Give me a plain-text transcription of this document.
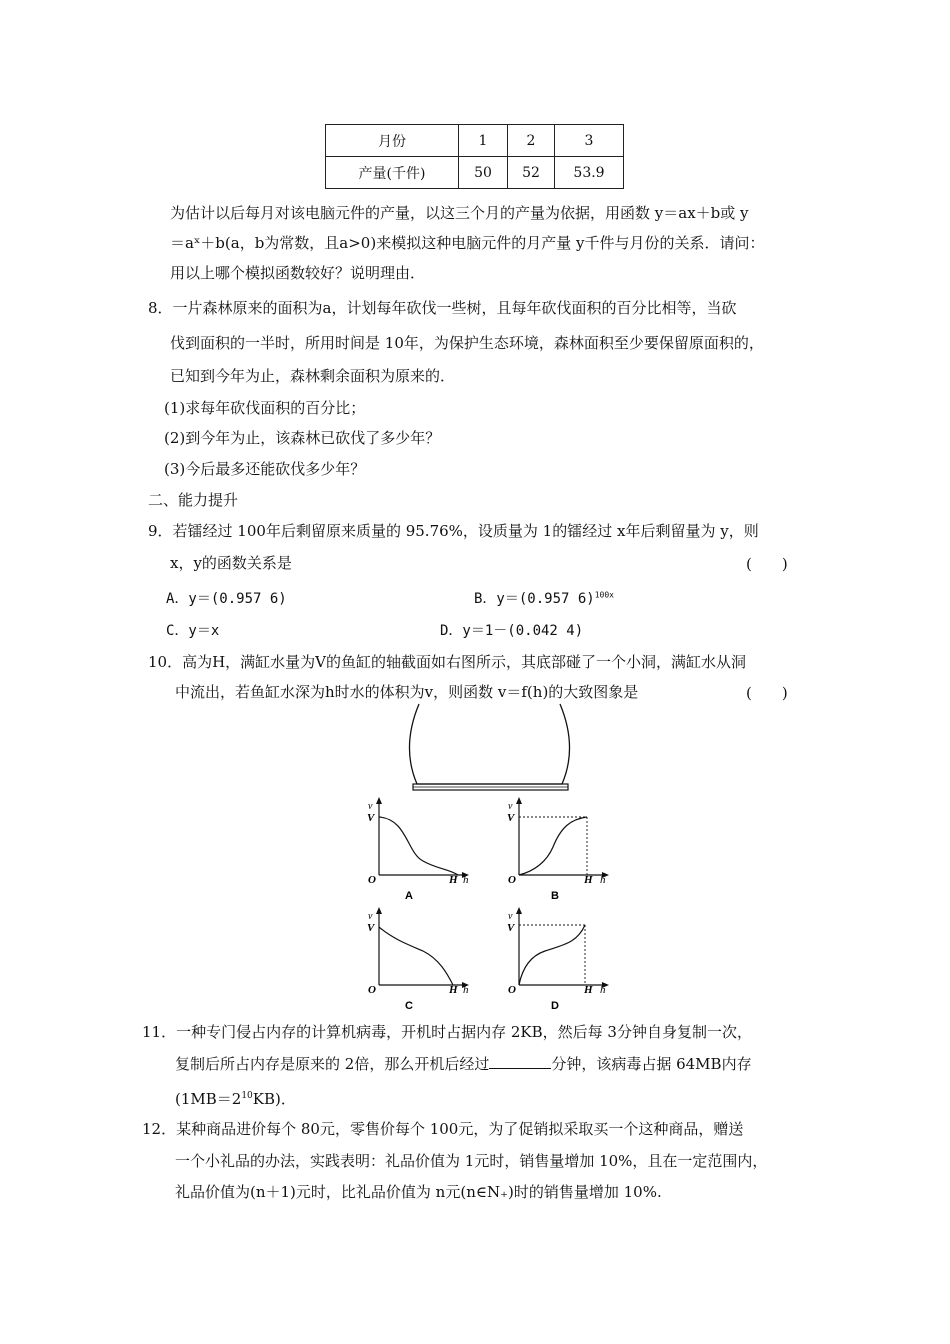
月份	1	2	3
产量(千件)	50	52	53.9
为估计以后每月对该电脑元件的产量，以这三个月的产量为依据，用函数 y＝ax＋b或 y
＝aˣ＋b(a，b为常数，且a>0)来模拟这种电脑元件的月产量 y千件与月份的关系．请问：
用以上哪个模拟函数较好？说明理由．
8．一片森林原来的面积为a，计划每年砍伐一些树，且每年砍伐面积的百分比相等，当砍
伐到面积的一半时，所用时间是 10年，为保护生态环境，森林面积至少要保留原面积的，
已知到今年为止，森林剩余面积为原来的．
(1)求每年砍伐面积的百分比；
(2)到今年为止，该森林已砍伐了多少年？
(3)今后最多还能砍伐多少年？
二、能力提升
9．若镭经过 100年后剩留原来质量的 95.76%，设质量为 1的镭经过 x年后剩留量为 y，则
x，y的函数关系是	(　　)
A．y＝(0.957 6)	B．y＝(0.957 6)$^{100x}$
C．y＝x	D．y＝1－(0.042 4)
10．高为H，满缸水量为V的鱼缸的轴截面如右图所示，其底部碰了一个小洞，满缸水从洞
中流出，若鱼缸水深为h时水的体积为v，则函数 v＝f(h)的大致图象是	(　　)
v
V
O	H h
A
v
V
O	H h
B
v
V
O	H h
C
v
V
O	H h
D
11．一种专门侵占内存的计算机病毒，开机时占据内存 2KB，然后每 3分钟自身复制一次，
复制后所占内存是原来的 2倍，那么开机后经过	分钟，该病毒占据 64MB内存
$(1MB=2^{10}KB)$．
12．某种商品进价每个 80元，零售价每个 100元，为了促销拟采取买一个这种商品，赠送
一个小礼品的办法，实践表明：礼品价值为 1元时，销售量增加 10%，且在一定范围内，
礼品价值为(n＋1)元时，比礼品价值为 n元(n∈N₊)时的销售量增加 10%.
